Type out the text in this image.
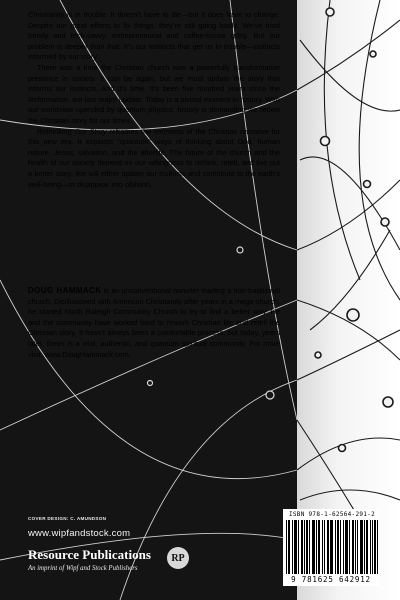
Christianity is in trouble. It doesn’t have to die—but it does have to change. Despite our great efforts to fix things, they’re still going badly. We’ve tried trendy and tech-savvy, entrepreneurial and coffee-house gritty. But our problem is deeper than that. It’s our instincts that get us in trouble—instincts informed by our story.

There was a time the Christian church was a powerfully transformative presence in society. It can be again, but we must update the story that informs our instincts. And it’s time. It’s been five hundred years since the Reformation, our last major update. Today is a pivotal moment in history. With our worldview upended by quantum physics, history is demanding we renew the Christian story for our times.

Rethinking Our Story reframes the elements of the Christian narrative for this new era. It explores “quantum” ways of thinking about God, human nature, Jesus, salvation, and the afterlife. The future of the church and the health of our society depend on our willingness to rethink, retell, and live out a better story. We will either update our instincts and contribute to the earth’s well-being—or disappear into oblivion.

DOUG HAMMACK is an unconventional minister leading a non-traditional church. Disillusioned with American Christianity after years in a mega-church, he started North Raleigh Community Church to try to find a better way. He and the community have worked hard to rework Christian life and retell the Christian story. It hasn’t always been a comfortable process, but today, years later, theirs is a vital, authentic, and quantum spiritual community. For more visit: www.DougHammack.com.
COVER DESIGN: C. AMUNDSON
www.wipfandstock.com
Resource Publications
An imprint of Wipf and Stock Publishers
RP
ISBN 978-1-62564-291-2
9 781625 642912
